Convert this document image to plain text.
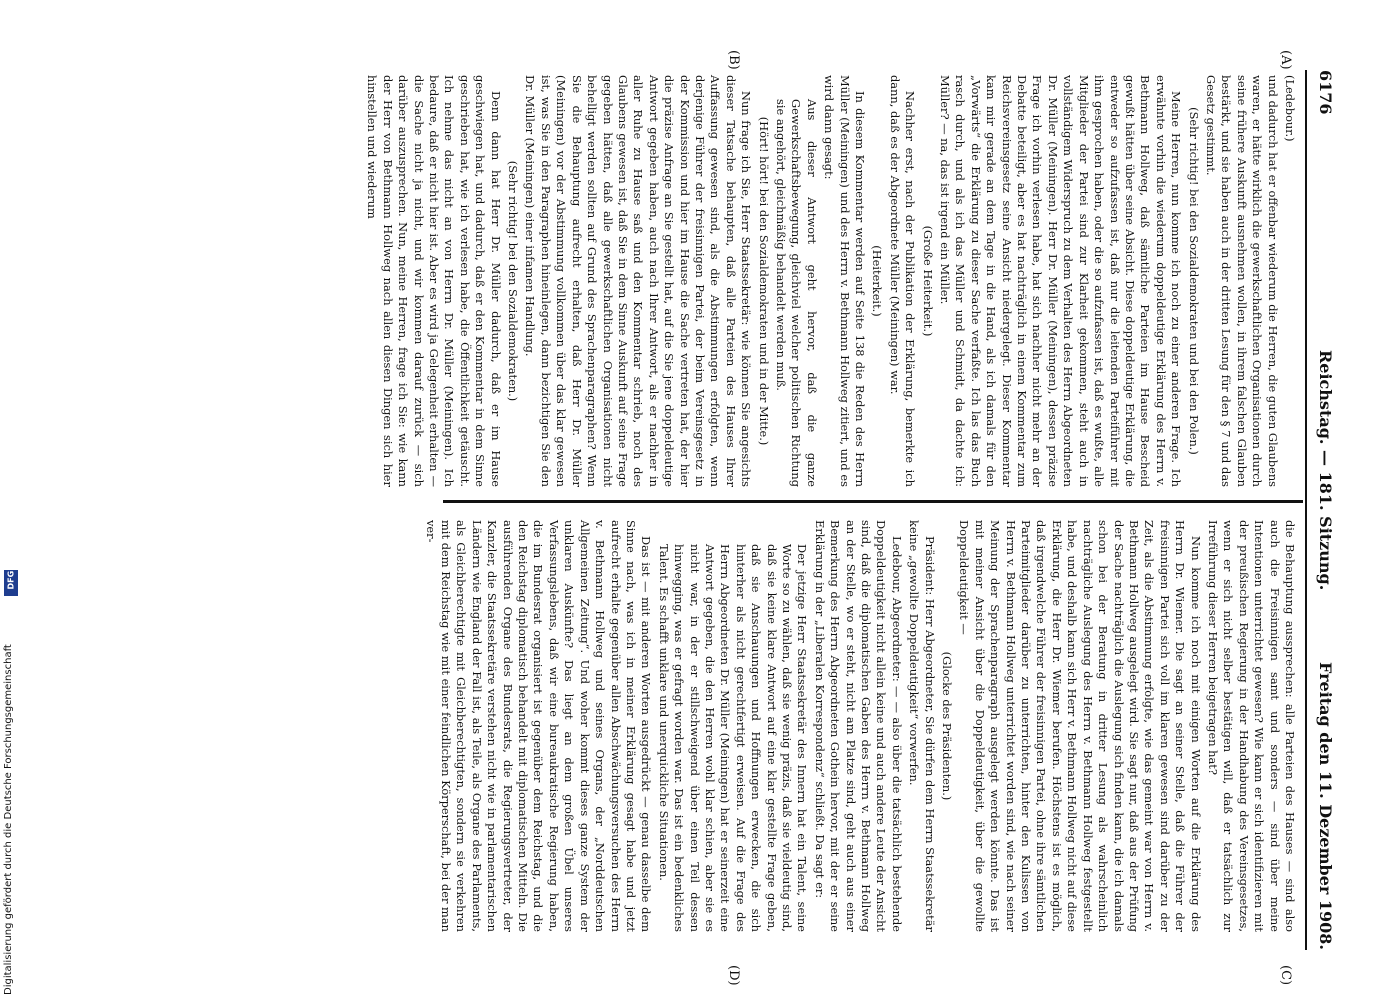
6176
Reichstag. — 181. Sitzung.
Freitag den 11. Dezember 1908.
(A)
(B)
(C)
(D)

(Ledebour.)

und dadurch hat er offenbar wiederum die Herren, die guten Glaubens waren, er hätte wirklich die gewerkschaftlichen Organisationen durch seine frühere Auskunft ausnehmen wollen, in ihrem falschen Glauben bestärkt, und sie haben auch in der dritten Lesung für den § 7 und das Gesetz gestimmt.

(Sehr richtig! bei den Sozialdemokraten und bei den Polen.)

Meine Herren, nun komme ich noch zu einer anderen Frage. Ich erwähnte vorhin die wiederum doppeldeutige Erklärung des Herrn v. Bethmann Hollweg, daß sämtliche Parteien im Hause Bescheid gewußt hätten über seine Absicht. Diese doppeldeutige Erklärung, die entweder so aufzufassen ist, daß nur die leitenden Parteiführer mit ihm gesprochen haben, oder die so aufzufassen ist, daß es wußte, alle Mitglieder der Partei sind zur Klarheit gekommen, steht auch in vollständigem Widerspruch zu dem Verhalten des Herrn Abgeordneten Dr. Müller (Meiningen). Herr Dr. Müller (Meiningen), dessen präzise Frage ich vorhin verlesen habe, hat sich nachher nicht mehr an der Debatte beteiligt, aber es hat nachträglich in einem Kommentar zum Reichsvereinsgesetz seine Ansicht niedergelegt. Dieser Kommentar kam mir gerade an dem Tage in die Hand, als ich damals für den „Vorwärts“ die Erklärung zu dieser Sache verfaßte. Ich las das Buch rasch durch, und als ich das Müller und Schmidt, da dachte ich: Müller? — na, das ist irgend ein Müller.

(Große Heiterkeit.)

Nachher erst, nach der Publikation der Erklärung, bemerkte ich dann, daß es der Abgeordnete Müller (Meiningen) war.

(Heiterkeit.)

In diesem Kommentar werden auf Seite 138 die Reden des Herrn Müller (Meiningen) und des Herrn v. Bethmann Hollweg zitiert, und es wird dann gesagt:

Aus dieser Antwort geht hervor, daß die ganze Gewerkschaftsbewegung, gleichviel welcher politischen Richtung sie angehört, gleichmäßig behandelt werden muß.

(Hört! hört! bei den Sozialdemokraten und in der Mitte.)

Nun frage ich Sie, Herr Staatssekretär: wie können Sie angesichts dieser Tatsache behaupten, daß alle Parteien des Hauses Ihrer Auffassung gewesen sind, als die Abstimmungen erfolgten, wenn derjenige Führer der freisinnigen Partei, der beim Vereinsgesetz in der Kommission und hier im Hause die Sache vertreten hat, der hier die präzise Anfrage an Sie gestellt hat, auf die Sie jene doppeldeutige Antwort gegeben haben, auch nach Ihrer Antwort, als er nachher in aller Ruhe zu Hause saß und den Kommentar schrieb, noch des Glaubens gewesen ist, daß Sie in dem Sinne Auskunft auf seine Frage gegeben hätten, daß alle gewerkschaftlichen Organisationen nicht behelligt werden sollten auf Grund des Sprachenparagraphen? Wenn Sie die Behauptung aufrecht erhalten, daß Herr Dr. Müller (Meiningen) vor der Abstimmung vollkommen über das klar gewesen ist, was Sie in den Paragraphen hineinlegen, dann bezichtigen Sie den Dr. Müller (Meiningen) einer infamen Handlung.

(Sehr richtig! bei den Sozialdemokraten.)

Denn dann hat Herr Dr. Müller dadurch, daß er im Hause geschwiegen hat, und dadurch, daß er den Kommentar in dem Sinne geschrieben hat, wie ich verlesen habe, die Öffentlichkeit getäuscht. Ich nehme das nicht an von Herrn Dr. Müller (Meiningen). Ich bedaure, daß er nicht hier ist. Aber es wird ja Gelegenheit erhalten — die Sache nicht ja nicht, und wir kommen darauf zurück — sich darüber auszusprechen. Nun, meine Herren, frage ich Sie: wie kann der Herr von Bethmann Hollweg nach allen diesen Dingen sich hier hinstellen und wiederum

die Behauptung aussprechen: alle Parteien des Hauses — sind also auch die Freisinnigen samt und sonders — sind über meine Intentionen unterrichtet gewesen? Wie kann er sich identifizieren mit der preußischen Regierung in der Handhabung des Vereinsgesetzes, wenn er sich nicht selber bestätigen will, daß er tatsächlich zur Irreführung dieser Herren beigetragen hat?

Nun komme ich noch mit einigen Worten auf die Erklärung des Herrn Dr. Wiemer. Die sagt an seiner Stelle, daß die Führer der freisinnigen Partei sich voll im klaren gewesen sind darüber zu der Zeit, als die Abstimmung erfolgte, wie das gemeint war von Herrn v. Bethmann Hollweg ausgelegt wird. Sie sagt nur, daß aus der Prüfung der Sache nachträglich die Auslegung sich finden kann, die ich damals schon bei der Beratung in dritter Lesung als wahrscheinlich nachträgliche Auslegung des Herrn v. Bethmann Hollweg festgestellt habe, und deshalb kann sich Herr v. Bethmann Hollweg nicht auf diese Erklärung, die Herr Dr. Wiemer berufen. Höchstens ist es möglich, daß irgendwelche Führer der freisinnigen Partei, ohne ihre sämtlichen Parteimitglieder darüber zu unterrichten, hinter den Kulissen von Herrn v. Bethmann Hollweg unterrichtet worden sind, wie nach seiner Meinung der Sprachenparagraph ausgelegt werden könnte. Das ist mit meiner Ansicht über die Doppeldeutigkeit, über die gewollte Doppeldeutigkeit —

(Glocke des Präsidenten.)

Präsident: Herr Abgeordneter, Sie dürfen dem Herrn Staatssekretär keine „gewollte Doppeldeutigkeit“ vorwerfen.

Ledebour, Abgeordneter: — — also über die tatsächlich bestehende Doppeldeutigkeit nicht allein keine und auch andere Leute der Ansicht sind, daß die diplomatischen Gaben des Herrn v. Bethmann Hollweg an der Stelle, wo er steht, nicht am Platze sind, geht auch aus einer Bemerkung des Herrn Abgeordneten Gothein hervor, mit der er seine Erklärung in der „Liberalen Korrespondenz“ schließt. Da sagt er:

Der jetzige Herr Staatssekretär des Innern hat ein Talent, seine Worte so zu wählen, daß sie wenig präzis, daß sie vieldeutig sind, daß sie keine klare Antwort auf eine klar gestellte Frage geben, daß sie Anschauungen und Hoffnungen erwecken, die sich hinterher als nicht gerechtfertigt erweisen. Auf die Frage des Herrn Abgeordneten Dr. Müller (Meiningen) hat er seinerzeit eine Antwort gegeben, die den Herren wohl klar schien, aber sie es nicht war, in der er stillschweigend über einen Teil dessen hinwegging, was er gefragt worden war. Das ist ein bedenkliches Talent. Es schafft unklare und unerquickliche Situationen.

Das ist — mit anderen Worten ausgedrückt — genau dasselbe dem Sinne nach, was ich in meiner Erklärung gesagt habe und jetzt aufrecht erhalte gegenüber allen Abschwächungsversuchen des Herrn v. Bethmann Hollweg und seines Organs, der „Norddeutschen Allgemeinen Zeitung“. Und woher kommt dieses ganze System der unklaren Auskünfte? Das liegt an dem großen Übel unseres Verfassungslebens, daß wir eine bureaukratische Regierung haben, die im Bundesrat organisiert ist gegenüber dem Reichstag, und die den Reichstag diplomatisch behandelt mit diplomatischen Mitteln. Die ausführenden Organe des Bundesrats, die Regierungsvertreter, der Kanzler, die Staatssekretäre verstehen nicht wie in parlamentarischen Ländern wie England der Fall ist, als Teile, als Organe des Parlaments, als Gleichberechtigte mit Gleichberechtigten, sondern sie verkehren mit dem Reichstag wie mit einer feindlichen Körperschaft, bei der man ver-

DFG
Digitalisierung gefördert durch die Deutsche Forschungsgemeinschaft
